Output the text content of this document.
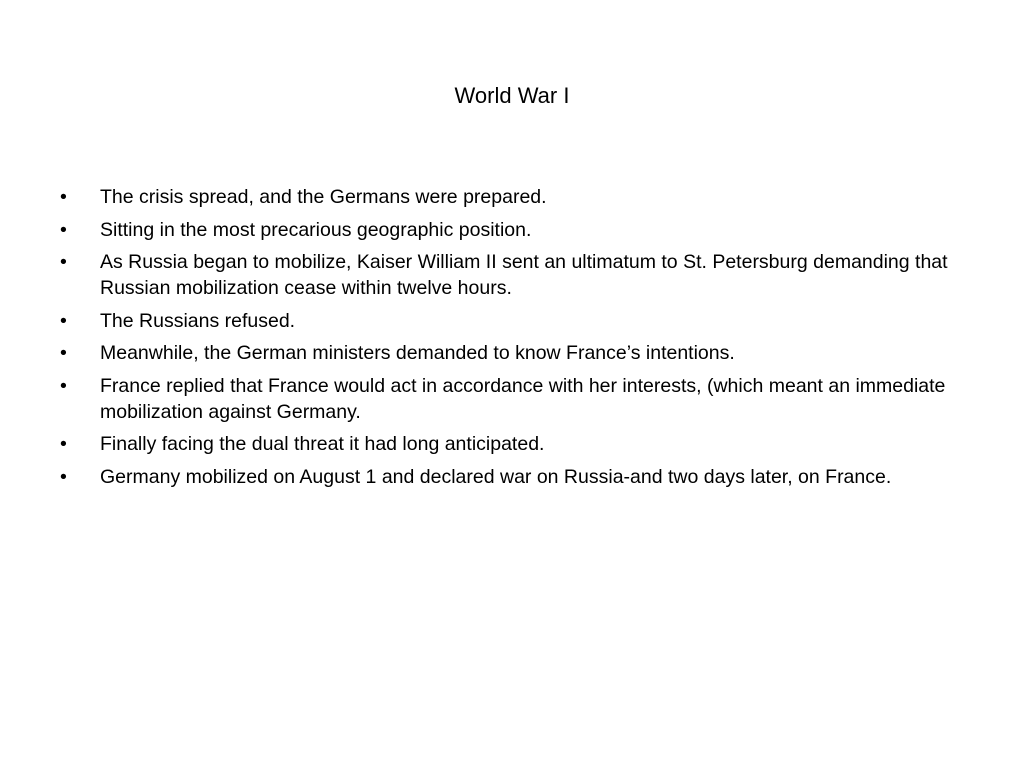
World War I
•	The crisis spread, and the Germans were prepared.
•	Sitting in the most precarious geographic position.
•	As Russia began to mobilize, Kaiser William II sent an ultimatum to St. Petersburg demanding that Russian mobilization cease within twelve hours.
•	The Russians refused.
•	Meanwhile, the German ministers demanded to know France’s intentions.
•	France replied that France would act in accordance with her interests, (which meant an immediate mobilization against Germany.
•	Finally facing the dual threat it had long anticipated.
•	Germany mobilized on August 1 and declared war on Russia-and two days later, on France.
